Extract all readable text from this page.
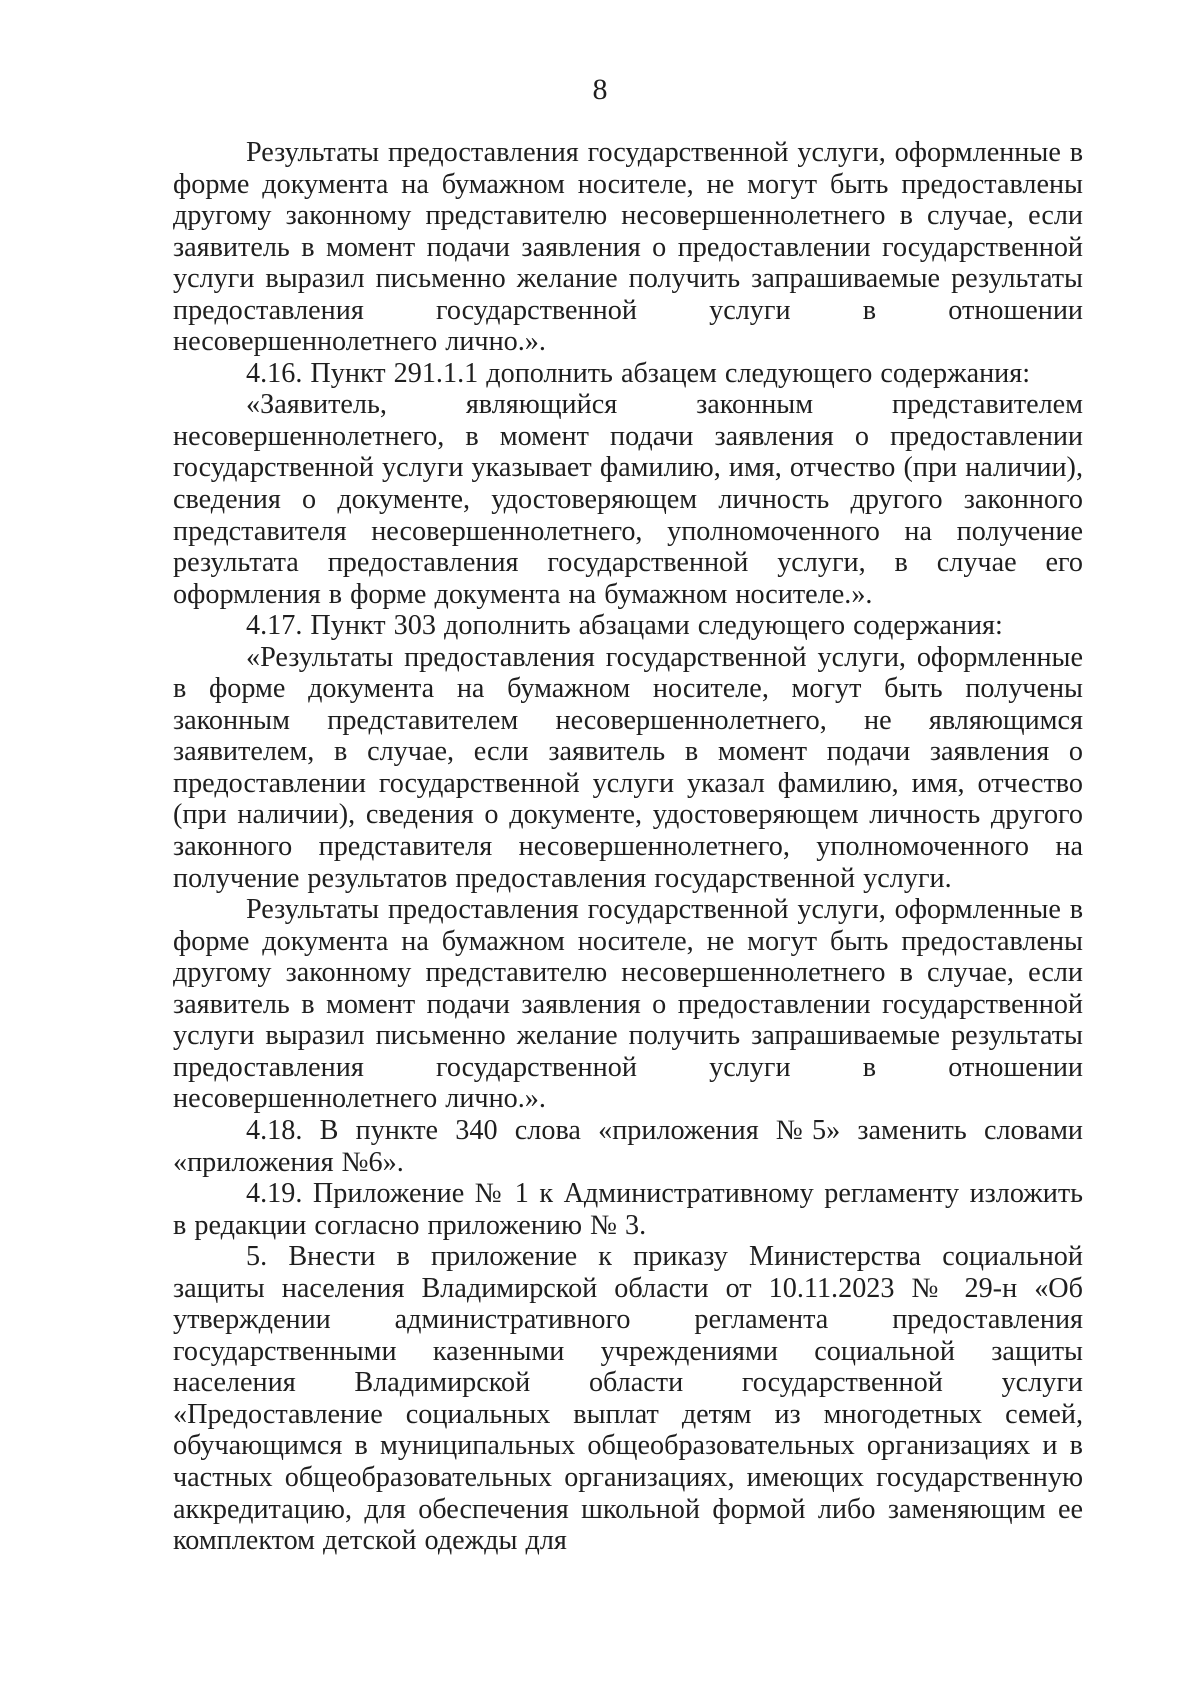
8

Результаты предоставления государственной услуги, оформленные в форме документа на бумажном носителе, не могут быть предоставлены другому законному представителю несовершеннолетнего в случае, если заявитель в момент подачи заявления о предоставлении государственной услуги выразил письменно желание получить запрашиваемые результаты предоставления государственной услуги в отношении несовершеннолетнего лично.».

4.16. Пункт 291.1.1 дополнить абзацем следующего содержания:

«Заявитель, являющийся законным представителем несовершеннолетнего, в момент подачи заявления о предоставлении государственной услуги указывает фамилию, имя, отчество (при наличии), сведения о документе, удостоверяющем личность другого законного представителя несовершеннолетнего, уполномоченного на получение результата предоставления государственной услуги, в случае его оформления в форме документа на бумажном носителе.».

4.17. Пункт 303 дополнить абзацами следующего содержания:

«Результаты предоставления государственной услуги, оформленные в форме документа на бумажном носителе, могут быть получены законным представителем несовершеннолетнего, не являющимся заявителем, в случае, если заявитель в момент подачи заявления о предоставлении государственной услуги указал фамилию, имя, отчество (при наличии), сведения о документе, удостоверяющем личность другого законного представителя несовершеннолетнего, уполномоченного на получение результатов предоставления государственной услуги.

Результаты предоставления государственной услуги, оформленные в форме документа на бумажном носителе, не могут быть предоставлены другому законному представителю несовершеннолетнего в случае, если заявитель в момент подачи заявления о предоставлении государственной услуги выразил письменно желание получить запрашиваемые результаты предоставления государственной услуги в отношении несовершеннолетнего лично.».

4.18. В пункте 340 слова «приложения №5» заменить словами «приложения №6».

4.19. Приложение № 1 к Административному регламенту изложить в редакции согласно приложению № 3.

5. Внести в приложение к приказу Министерства социальной защиты населения Владимирской области от 10.11.2023 № 29-н «Об утверждении административного регламента предоставления государственными казенными учреждениями социальной защиты населения Владимирской области государственной услуги «Предоставление социальных выплат детям из многодетных семей, обучающимся в муниципальных общеобразовательных организациях и в частных общеобразовательных организациях, имеющих государственную аккредитацию, для обеспечения школьной формой либо заменяющим ее комплектом детской одежды для
